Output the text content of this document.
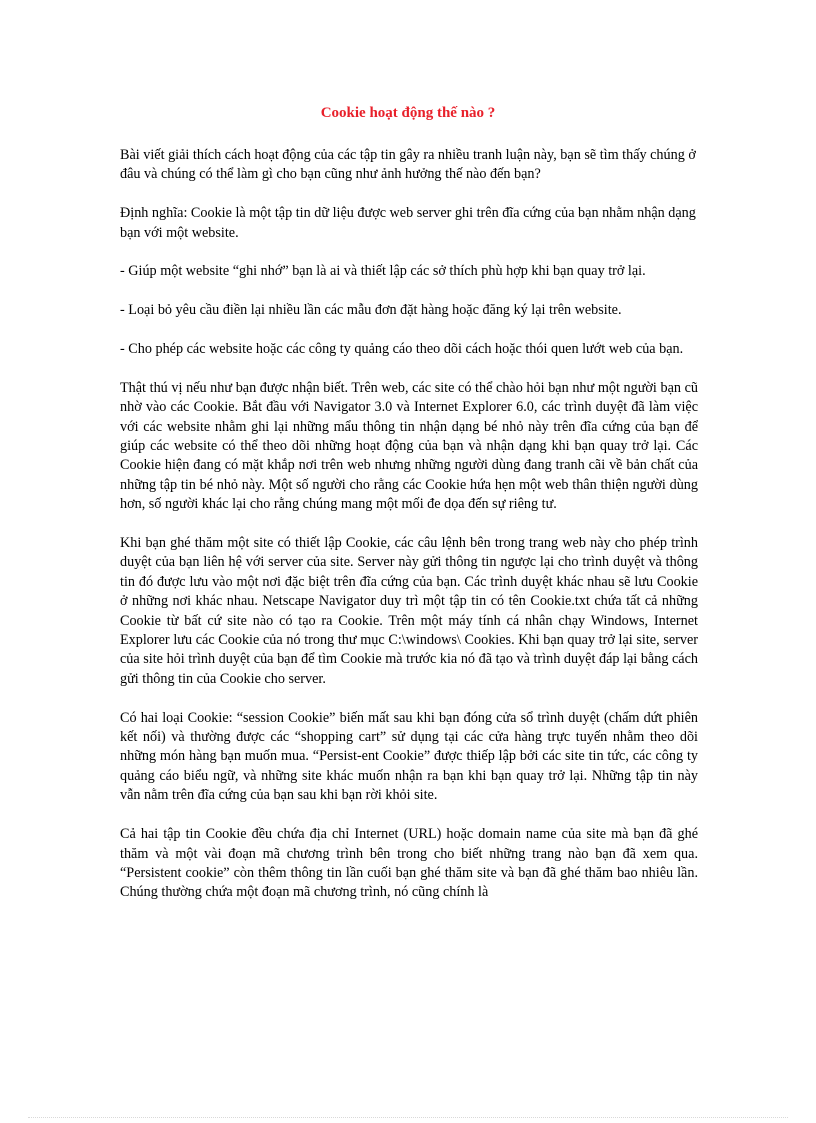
Cookie hoạt động thế nào ?

Bài viết giải thích cách hoạt động của các tập tin gây ra nhiều tranh luận này, bạn sẽ tìm thấy chúng ở đâu và chúng có thể làm gì cho bạn cũng như ảnh hưởng thế nào đến bạn?

Định nghĩa: Cookie là một tập tin dữ liệu được web server ghi trên đĩa cứng của bạn nhằm nhận dạng bạn với một website.

- Giúp một website “ghi nhớ” bạn là ai và thiết lập các sở thích phù hợp khi bạn quay trở lại.

- Loại bỏ yêu cầu điền lại nhiều lần các mẫu đơn đặt hàng hoặc đăng ký lại trên website.

- Cho phép các website hoặc các công ty quảng cáo theo dõi cách hoặc thói quen lướt web của bạn.

Thật thú vị nếu như bạn được nhận biết. Trên web, các site có thể chào hỏi bạn như một người bạn cũ nhờ vào các Cookie. Bắt đầu với Navigator 3.0 và Internet Explorer 6.0, các trình duyệt đã làm việc với các website nhằm ghi lại những mẩu thông tin nhận dạng bé nhỏ này trên đĩa cứng của bạn để giúp các website có thể theo dõi những hoạt động của bạn và nhận dạng khi bạn quay trở lại. Các Cookie hiện đang có mặt khắp nơi trên web nhưng những người dùng đang tranh cãi về bản chất của những tập tin bé nhỏ này. Một số người cho rằng các Cookie hứa hẹn một web thân thiện người dùng hơn, số người khác lại cho rằng chúng mang một mối đe dọa đến sự riêng tư.

Khi bạn ghé thăm một site có thiết lập Cookie, các câu lệnh bên trong trang web này cho phép trình duyệt của bạn liên hệ với server của site. Server này gửi thông tin ngược lại cho trình duyệt và thông tin đó được lưu vào một nơi đặc biệt trên đĩa cứng của bạn. Các trình duyệt khác nhau sẽ lưu Cookie ở những nơi khác nhau. Netscape Navigator duy trì một tập tin có tên Cookie.txt chứa tất cả những Cookie từ bất cứ site nào có tạo ra Cookie. Trên một máy tính cá nhân chạy Windows, Internet Explorer lưu các Cookie của nó trong thư mục C:\windows\ Cookies. Khi bạn quay trở lại site, server của site hỏi trình duyệt của bạn để tìm Cookie mà trước kia nó đã tạo và trình duyệt đáp lại bằng cách gửi thông tin của Cookie cho server.

Có hai loại Cookie: “session Cookie” biến mất sau khi bạn đóng cửa sổ trình duyệt (chấm dứt phiên kết nối) và thường được các “shopping cart” sử dụng tại các cửa hàng trực tuyến nhằm theo dõi những món hàng bạn muốn mua. “Persist-ent Cookie” được thiếp lập bởi các site tin tức, các công ty quảng cáo biểu ngữ, và những site khác muốn nhận ra bạn khi bạn quay trở lại. Những tập tin này vẫn nằm trên đĩa cứng của bạn sau khi bạn rời khỏi site.

Cả hai tập tin Cookie đều chứa địa chỉ Internet (URL) hoặc domain name của site mà bạn đã ghé thăm và một vài đoạn mã chương trình bên trong cho biết những trang nào bạn đã xem qua. “Persistent cookie” còn thêm thông tin lần cuối bạn ghé thăm site và bạn đã ghé thăm bao nhiêu lần. Chúng thường chứa một đoạn mã chương trình, nó cũng chính là
